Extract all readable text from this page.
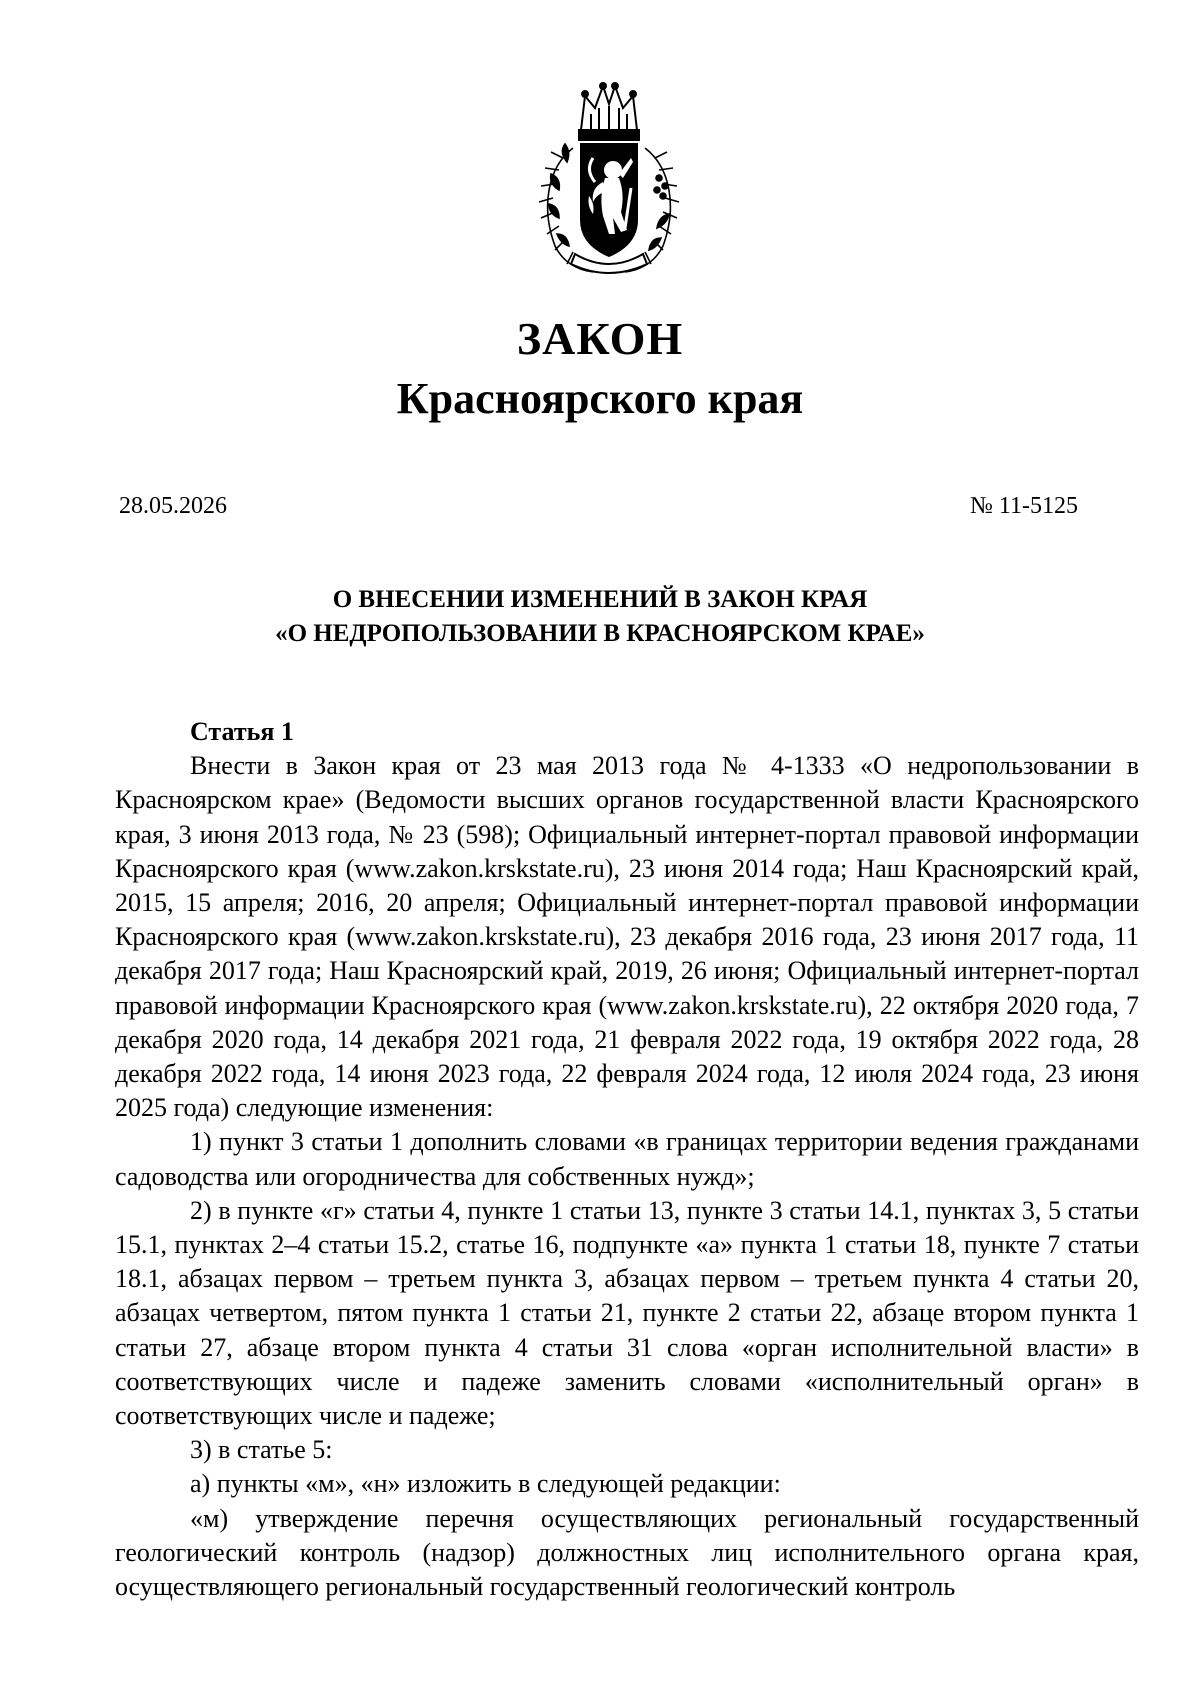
ЗАКОН
Красноярского края
28.05.2026	№ 11-5125
О ВНЕСЕНИИ ИЗМЕНЕНИЙ В ЗАКОН КРАЯ
«О НЕДРОПОЛЬЗОВАНИИ В КРАСНОЯРСКОМ КРАЕ»
Статья 1

Внести в Закон края от 23 мая 2013 года № 4-1333 «О недропользовании в Красноярском крае» (Ведомости высших органов государственной власти Красноярского края, 3 июня 2013 года, № 23 (598); Официальный интернет-портал правовой информации Красноярского края (www.zakon.krskstate.ru), 23 июня 2014 года; Наш Красноярский край, 2015, 15 апреля; 2016, 20 апреля; Официальный интернет-портал правовой информации Красноярского края (www.zakon.krskstate.ru), 23 декабря 2016 года, 23 июня 2017 года, 11 декабря 2017 года; Наш Красноярский край, 2019, 26 июня; Официальный интернет-портал правовой информации Красноярского края (www.zakon.krskstate.ru), 22 октября 2020 года, 7 декабря 2020 года, 14 декабря 2021 года, 21 февраля 2022 года, 19 октября 2022 года, 28 декабря 2022 года, 14 июня 2023 года, 22 февраля 2024 года, 12 июля 2024 года, 23 июня 2025 года) следующие изменения:

1) пункт 3 статьи 1 дополнить словами «в границах территории ведения гражданами садоводства или огородничества для собственных нужд»;

2) в пункте «г» статьи 4, пункте 1 статьи 13, пункте 3 статьи 14.1, пунктах 3, 5 статьи 15.1, пунктах 2–4 статьи 15.2, статье 16, подпункте «а» пункта 1 статьи 18, пункте 7 статьи 18.1, абзацах первом – третьем пункта 3, абзацах первом – третьем пункта 4 статьи 20, абзацах четвертом, пятом пункта 1 статьи 21, пункте 2 статьи 22, абзаце втором пункта 1 статьи 27, абзаце втором пункта 4 статьи 31 слова «орган исполнительной власти» в соответствующих числе и падеже заменить словами «исполнительный орган» в соответствующих числе и падеже;

3) в статье 5:

а) пункты «м», «н» изложить в следующей редакции:

«м) утверждение перечня осуществляющих региональный государственный геологический контроль (надзор) должностных лиц исполнительного органа края, осуществляющего региональный государственный геологический контроль
